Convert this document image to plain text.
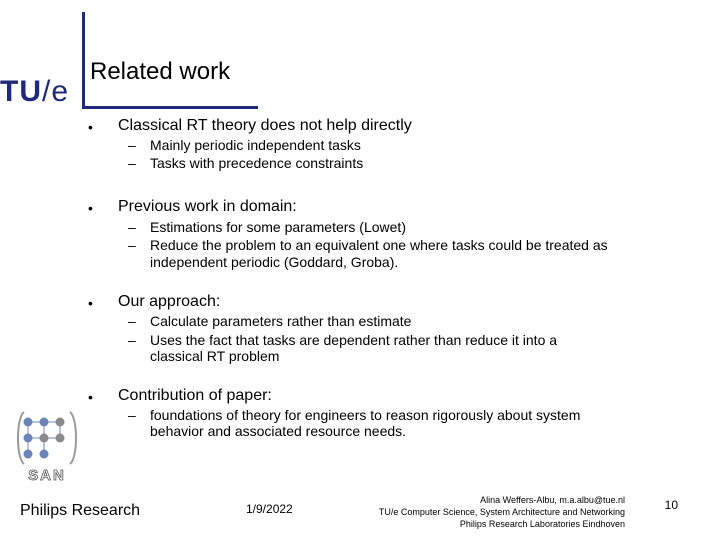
TU/e
Related work
• Classical RT theory does not help directly
– Mainly periodic independent tasks
– Tasks with precedence constraints
• Previous work in domain:
– Estimations for some parameters (Lowet)
– Reduce the problem to an equivalent one where tasks could be treated as
independent periodic (Goddard, Groba).
• Our approach:
– Calculate parameters rather than estimate
– Uses the fact that tasks are dependent rather than reduce it into a
classical RT problem
• Contribution of paper:
– foundations of theory for engineers to reason rigorously about system
behavior and associated resource needs.
SAN
Philips Research	1/9/2022
Alina Weffers-Albu, m.a.albu@tue.nl
TU/e Computer Science, System Architecture and Networking
Philips Research Laboratories Eindhoven
10
